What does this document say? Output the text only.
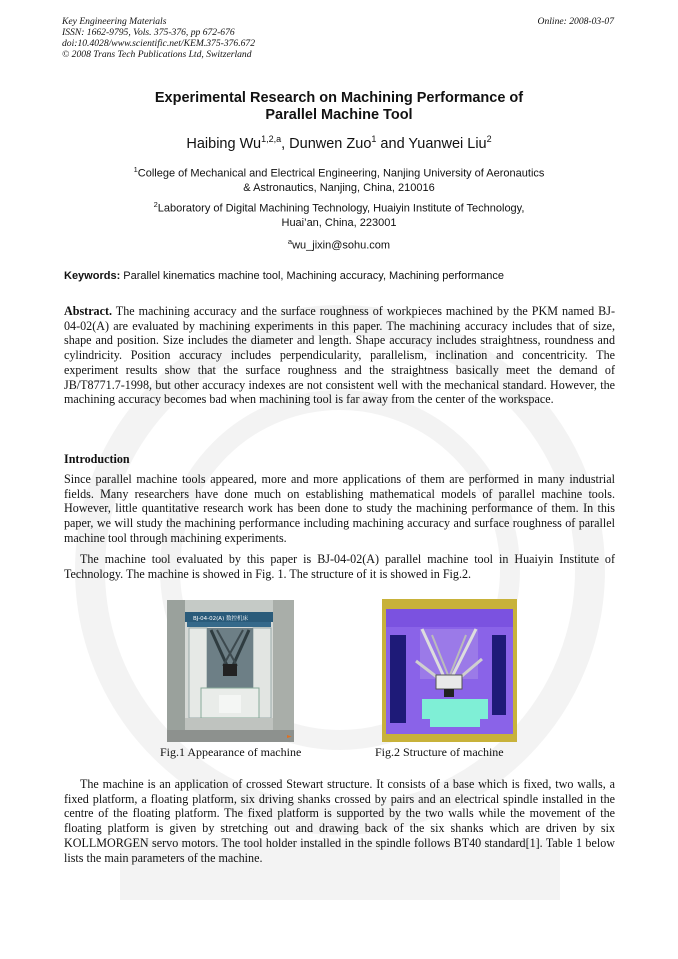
Key Engineering Materials
ISSN: 1662-9795, Vols. 375-376, pp 672-676
doi:10.4028/www.scientific.net/KEM.375-376.672
© 2008 Trans Tech Publications Ltd, Switzerland
Online: 2008-03-07
Experimental Research on Machining Performance of
Parallel Machine Tool
Haibing Wu$^{1,2,a}$, Dunwen Zuo$^1$ and Yuanwei Liu$^2$
$^1$College of Mechanical and Electrical Engineering, Nanjing University of Aeronautics
& Astronautics, Nanjing, China, 210016
$^2$Laboratory of Digital Machining Technology, Huaiyin Institute of Technology,
Huai’an, China, 223001
$^a$wu_jixin@sohu.com
Keywords: Parallel kinematics machine tool, Machining accuracy, Machining performance
Abstract. The machining accuracy and the surface roughness of workpieces machined by the PKM named BJ-04-02(A) are evaluated by machining experiments in this paper. The machining accuracy includes that of size, shape and position. Size includes the diameter and length. Shape accuracy includes straightness, roundness and cylindricity. Position accuracy includes perpendicularity, parallelism, inclination and concentricity. The experiment results show that the surface roughness and the straightness basically meet the demand of JB/T8771.7-1998, but other accuracy indexes are not consistent well with the mechanical standard. However, the machining accuracy becomes bad when machining tool is far away from the center of the workspace.
Introduction
Since parallel machine tools appeared, more and more applications of them are performed in many industrial fields. Many researchers have done much on establishing mathematical models of parallel machine tools. However, little quantitative research work has been done to study the machining performance of them. In this paper, we will study the machining performance including machining accuracy and surface roughness of parallel machine tool through machining experiments.
The machine tool evaluated by this paper is BJ-04-02(A) parallel machine tool in Huaiyin Institute of Technology. The machine is showed in Fig. 1. The structure of it is showed in Fig.2.
►
BJ-04-02(A) 数控机床
Fig.1 Appearance of machine	Fig.2 Structure of machine
The machine is an application of crossed Stewart structure. It consists of a base which is fixed, two walls, a fixed platform, a floating platform, six driving shanks crossed by pairs and an electrical spindle installed in the centre of the floating platform. The fixed platform is supported by the two walls while the movement of the floating platform is given by stretching out and drawing back of the six shanks which are driven by six KOLLMORGEN servo motors. The tool holder installed in the spindle follows BT40 standard[1]. Table 1 below lists the main parameters of the machine.
